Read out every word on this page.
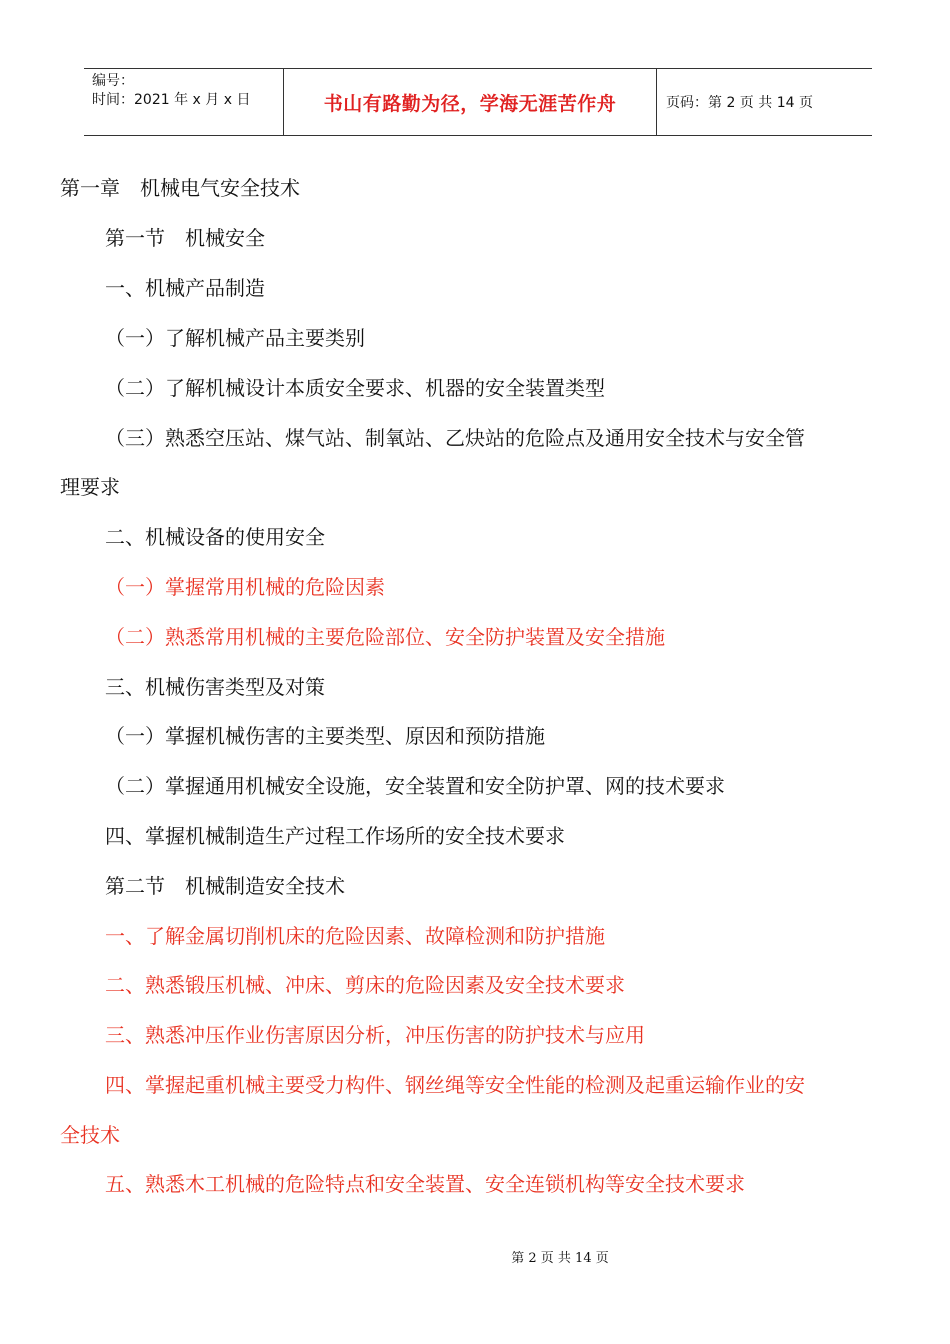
编号：
时间：2021 年 x 月 x 日	书山有路勤为径，学海无涯苦作舟	页码：第 2 页 共 14 页
第一章　机械电气安全技术
第一节　机械安全
一、机械产品制造
（一）了解机械产品主要类别
（二）了解机械设计本质安全要求、机器的安全装置类型
（三）熟悉空压站、煤气站、制氧站、乙炔站的危险点及通用安全技术与安全管
理要求
二、机械设备的使用安全
（一）掌握常用机械的危险因素
（二）熟悉常用机械的主要危险部位、安全防护装置及安全措施
三、机械伤害类型及对策
（一）掌握机械伤害的主要类型、原因和预防措施
（二）掌握通用机械安全设施，安全装置和安全防护罩、网的技术要求
四、掌握机械制造生产过程工作场所的安全技术要求
第二节　机械制造安全技术
一、了解金属切削机床的危险因素、故障检测和防护措施
二、熟悉锻压机械、冲床、剪床的危险因素及安全技术要求
三、熟悉冲压作业伤害原因分析，冲压伤害的防护技术与应用
四、掌握起重机械主要受力构件、钢丝绳等安全性能的检测及起重运输作业的安
全技术
五、熟悉木工机械的危险特点和安全装置、安全连锁机构等安全技术要求
第 2 页 共 14 页
